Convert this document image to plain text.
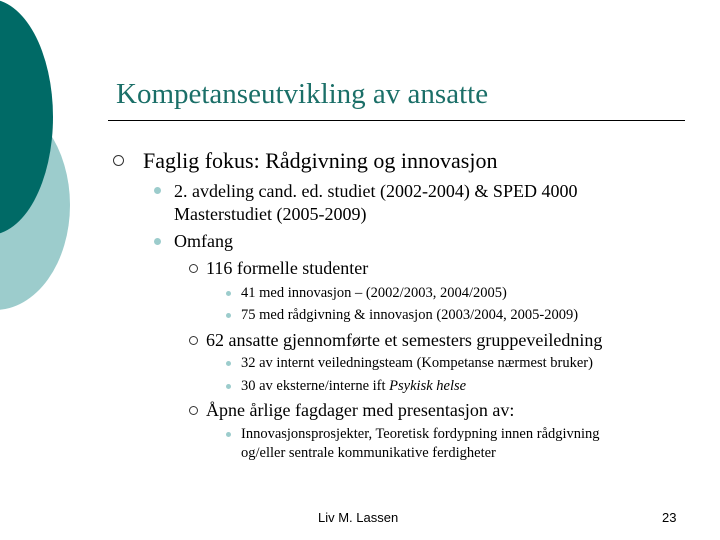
Kompetanseutvikling av ansatte
Faglig fokus: Rådgivning og innovasjon
2. avdeling cand. ed. studiet (2002-2004) & SPED 4000
Masterstudiet (2005-2009)
Omfang
116 formelle studenter
41 med innovasjon – (2002/2003, 2004/2005)
75 med rådgivning & innovasjon (2003/2004, 2005-2009)
62 ansatte gjennomførte et semesters gruppeveiledning
32 av internt veiledningsteam (Kompetanse nærmest bruker)
30 av eksterne/interne ift Psykisk helse
Åpne årlige fagdager med presentasjon av:
Innovasjonsprosjekter, Teoretisk fordypning innen rådgivning
og/eller sentrale kommunikative ferdigheter
Liv M. Lassen	23
